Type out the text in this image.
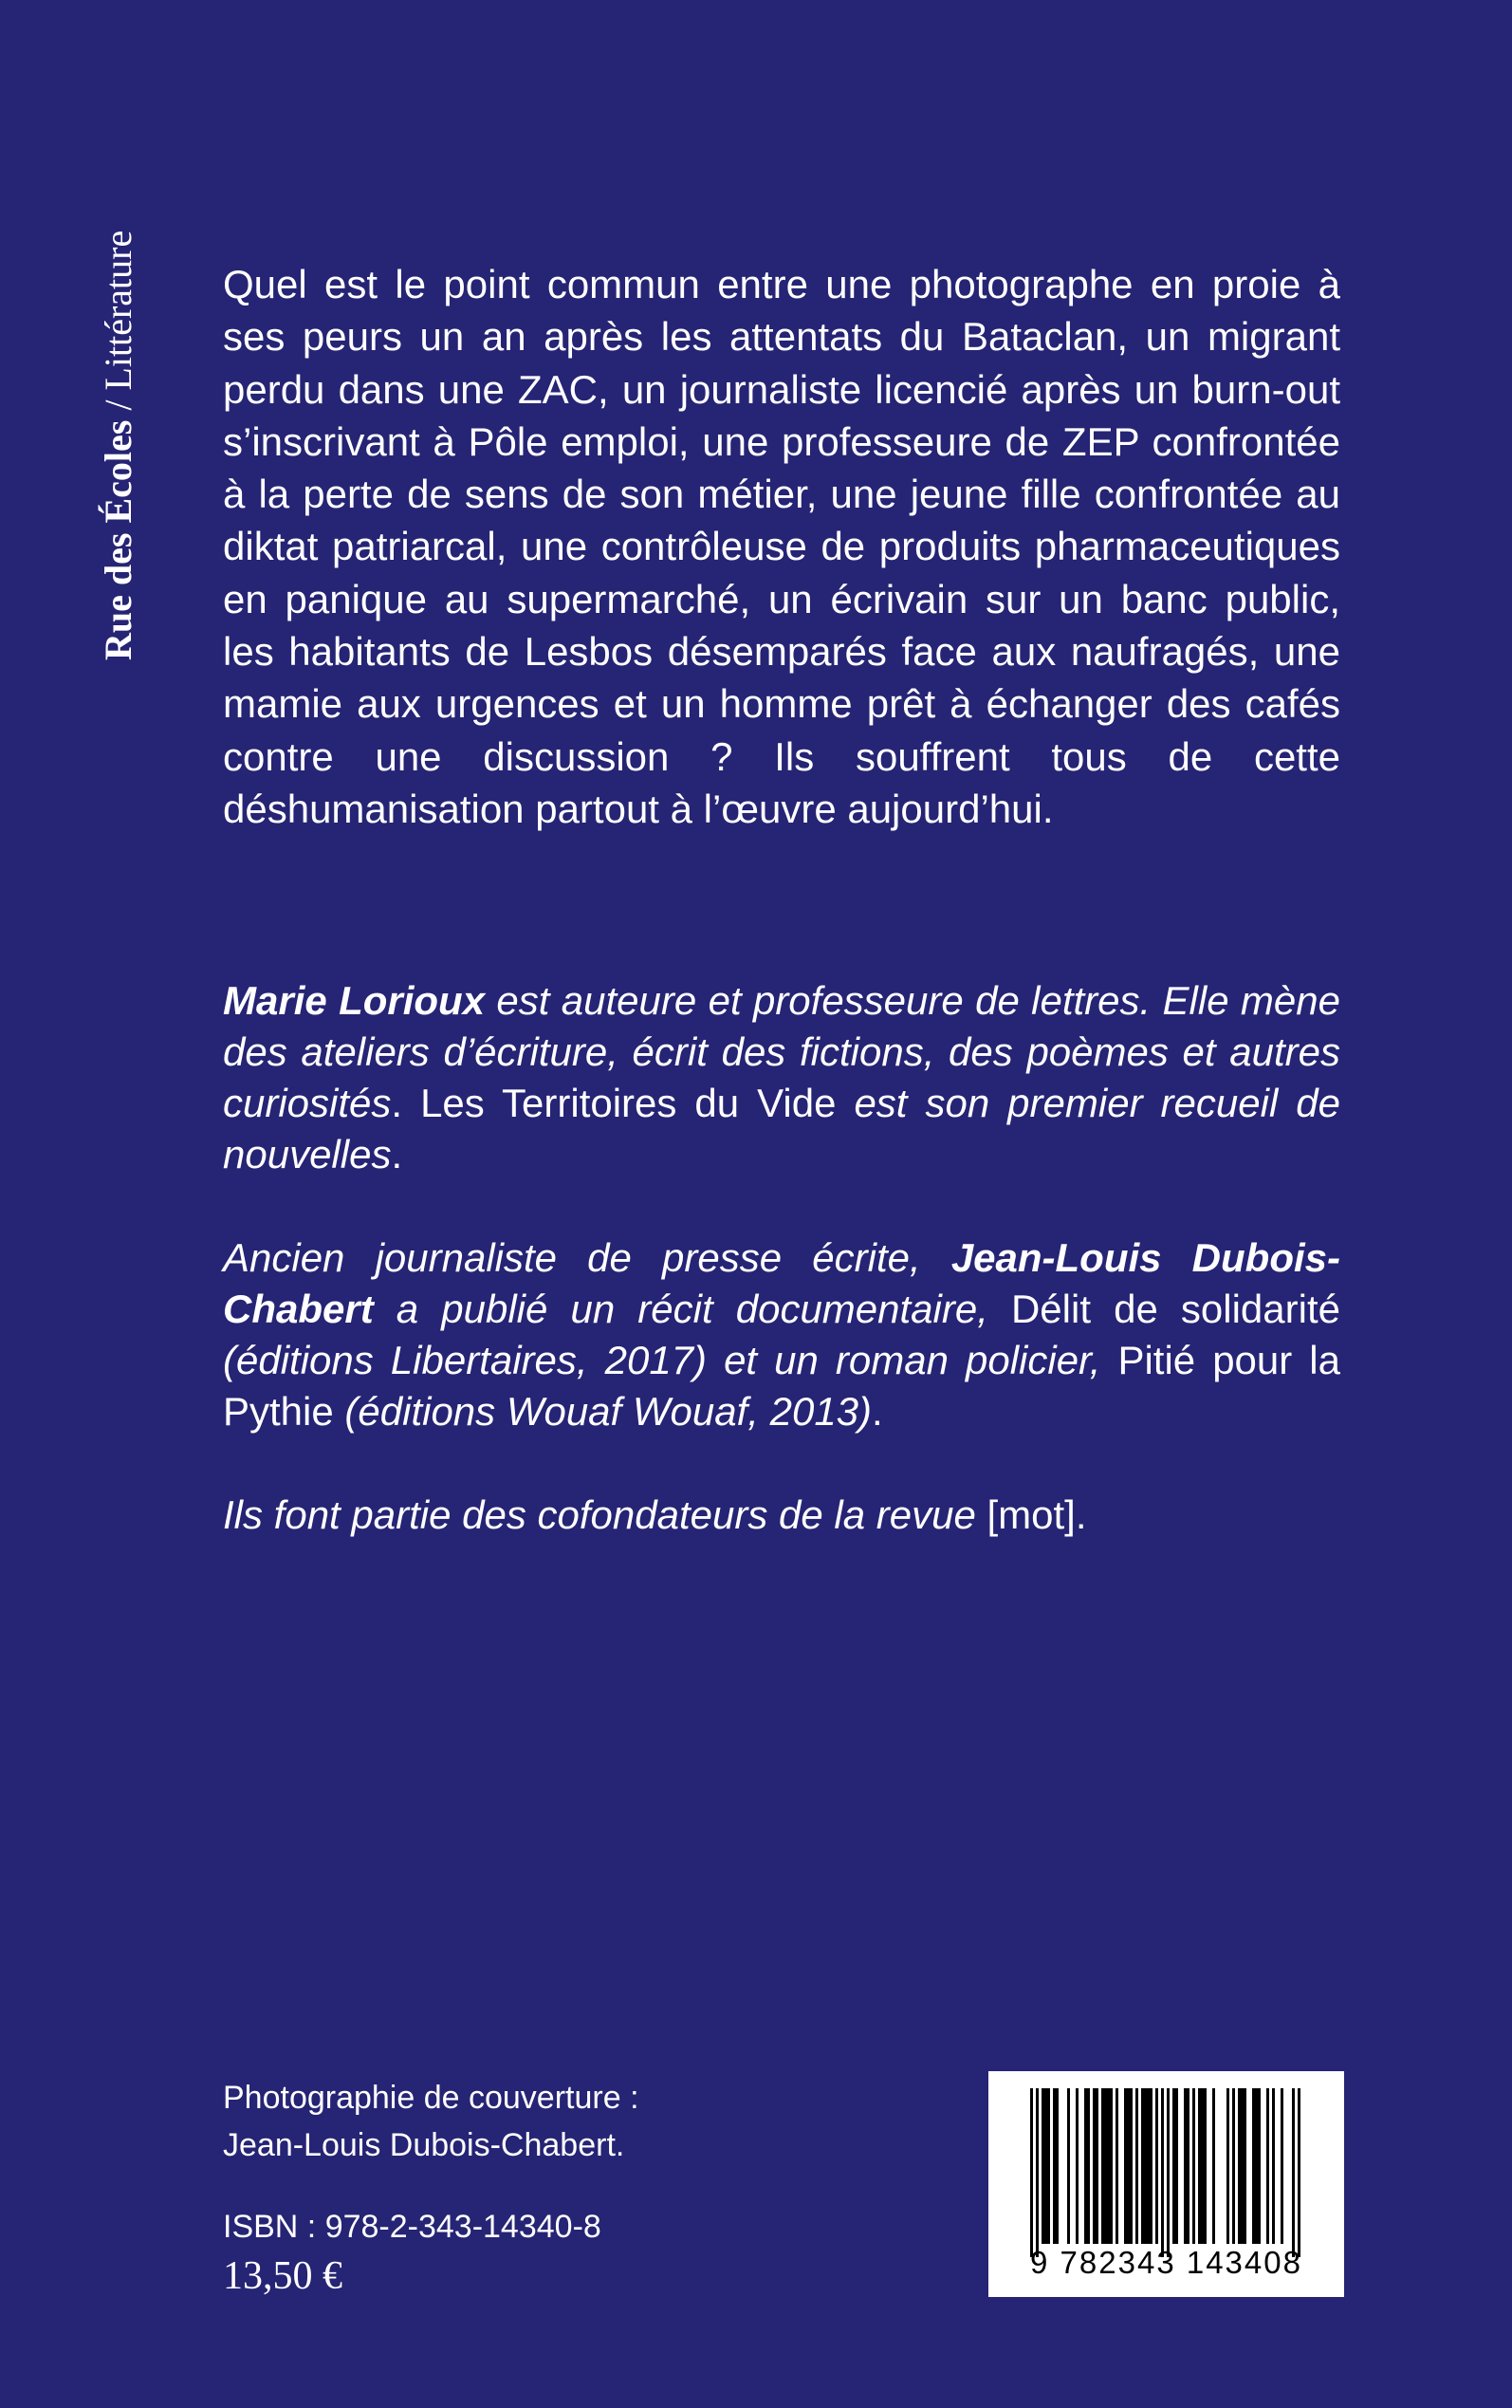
Rue des Écoles / Littérature Quel est le point commun entre une photographe en proie à ses peurs un an après les attentats du Bataclan, un migrant perdu dans une ZAC, un journaliste licencié après un burn-out s’inscrivant à Pôle emploi, une professeure de ZEP confrontée à la perte de sens de son métier, une jeune fille confrontée au diktat patriarcal, une contrôleuse de produits pharmaceutiques en panique au supermarché, un écrivain sur un banc public, les habitants de Lesbos désemparés face aux naufragés, une mamie aux urgences et un homme prêt à échanger des cafés contre une discussion ? Ils souffrent tous de cette déshumanisation partout à l’œuvre aujourd’hui.

Marie Lorioux est auteure et professeure de lettres. Elle mène des ateliers d’écriture, écrit des fictions, des poèmes et autres curiosités. Les Territoires du Vide est son premier recueil de nouvelles.

Ancien journaliste de presse écrite, Jean-Louis Dubois-Chabert a publié un récit documentaire, Délit de solidarité (éditions Libertaires, 2017) et un roman policier, Pitié pour la Pythie (éditions Wouaf Wouaf, 2013).

Ils font partie des cofondateurs de la revue [mot].

Photographie de couverture :
Jean-Louis Dubois-Chabert.
ISBN : 978-2-343-14340-8
13,50 €	9 782343 143408
